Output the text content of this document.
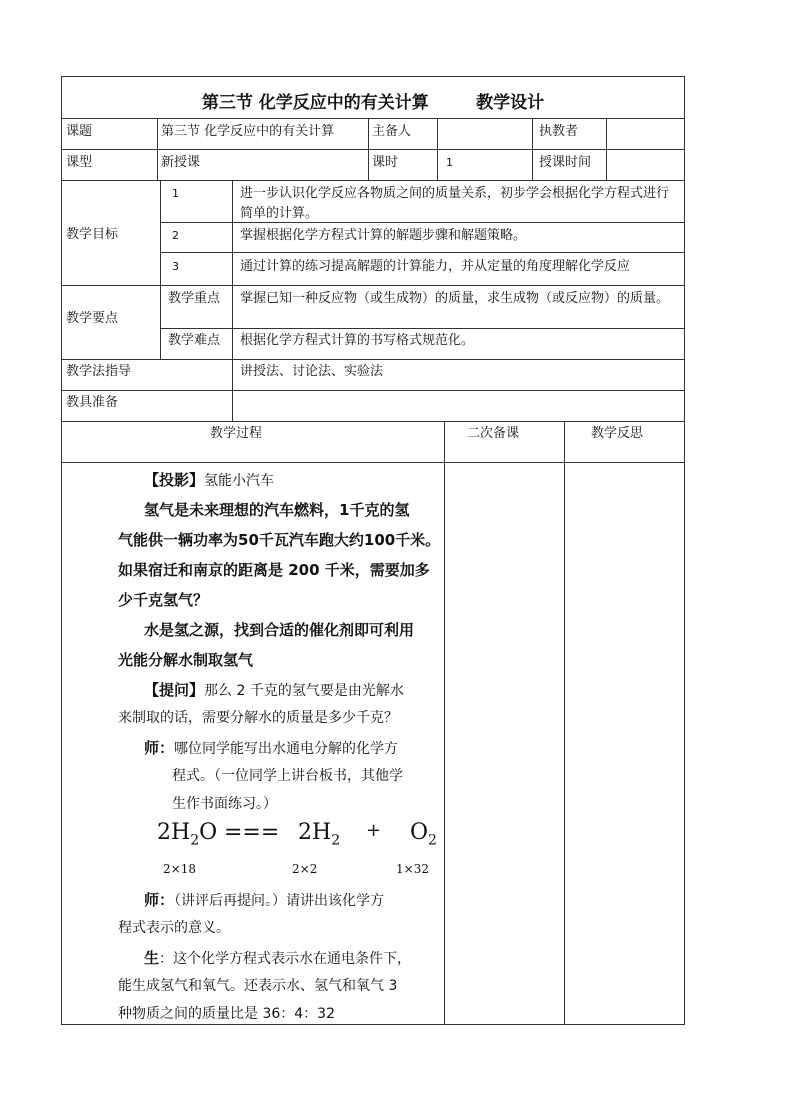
第三节 化学反应中的有关计算        教学设计
课题	第三节 化学反应中的有关计算	主备人	执教者
课型	新授课	课时	1	授课时间
教学目标
1	进一步认识化学反应各物质之间的质量关系，初步学会根据化学方程式进行简单的计算。
2	掌握根据化学方程式计算的解题步骤和解题策略。
3	通过计算的练习提高解题的计算能力，并从定量的角度理解化学反应
教学要点
教学重点 掌握已知一种反应物（或生成物）的质量，求生成物（或反应物）的质量。
教学难点 根据化学方程式计算的书写格式规范化。
教学法指导	讲授法、讨论法、实验法
教具准备
教学过程	二次备课	教学反思
【投影】氢能小汽车
氢气是未来理想的汽车燃料，1千克的氢
气能供一辆功率为50千瓦汽车跑大约100千米。
如果宿迁和南京的距离是 200 千米，需要加多
少千克氢气？
水是氢之源，找到合适的催化剂即可利用
光能分解水制取氢气
【提问】那么 2 千克的氢气要是由光解水
来制取的话，需要分解水的质量是多少千克？
师：哪位同学能写出水通电分解的化学方
程式。（一位同学上讲台板书，其他学
生作书面练习。）
$2H_2O$ === $2H_2 + O_2$
2×18	2×2	1×32
师：（讲评后再提问。）请讲出该化学方
程式表示的意义。
生：这个化学方程式表示水在通电条件下，
能生成氢气和氧气。还表示水、氢气和氧气 3
种物质之间的质量比是 36：4：32
